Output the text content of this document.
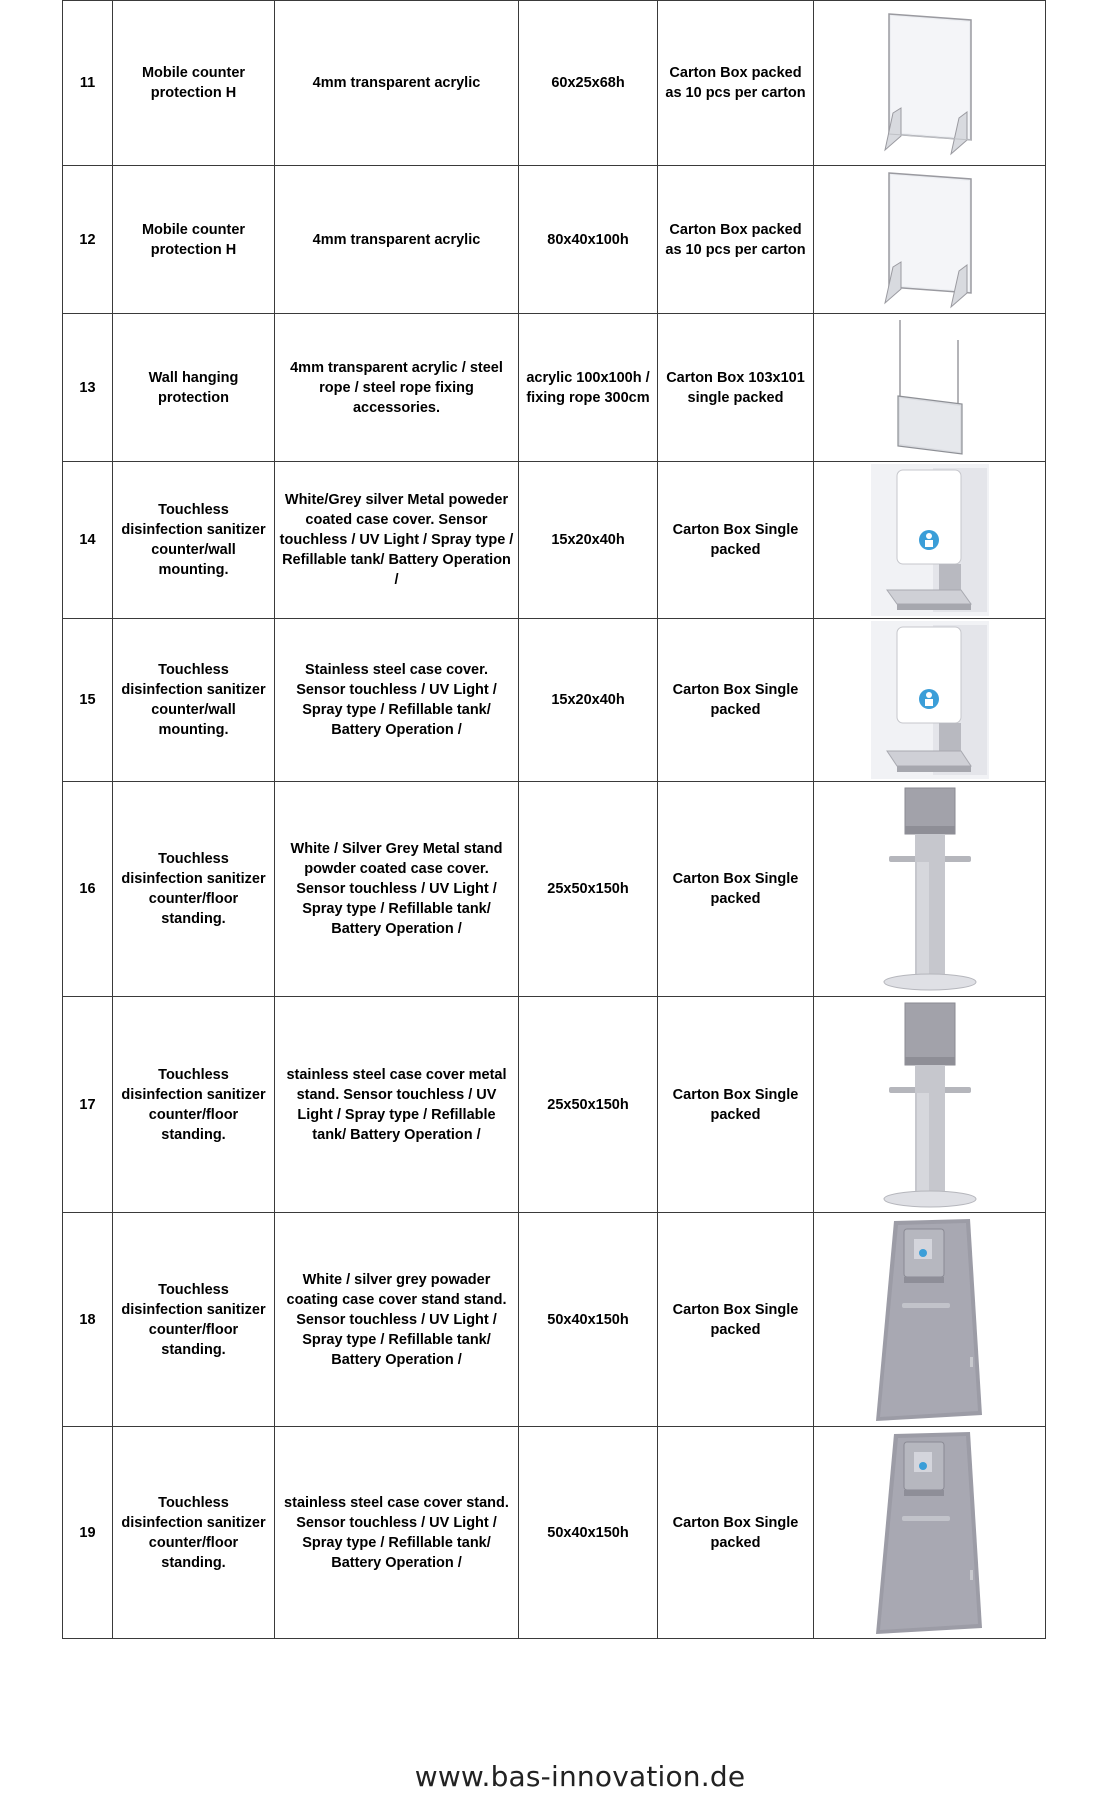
11	Mobile counter protection H	4mm transparent acrylic	60x25x68h	Carton Box packed as 10 pcs per carton	

12	Mobile counter protection H	4mm transparent acrylic	80x40x100h	Carton Box packed as 10 pcs per carton	

13	Wall hanging protection	4mm transparent acrylic / steel rope / steel rope fixing accessories.	acrylic 100x100h / fixing rope 300cm	Carton Box 103x101 single packed	

14	Touchless disinfection sanitizer counter/wall mounting.	White/Grey silver Metal poweder coated case cover. Sensor touchless / UV Light / Spray type / Refillable tank/ Battery Operation /	15x20x40h	Carton Box Single packed	

15	Touchless disinfection sanitizer counter/wall mounting.	Stainless steel case cover. Sensor touchless / UV Light / Spray type / Refillable tank/ Battery Operation /	15x20x40h	Carton Box Single packed	

16	Touchless disinfection sanitizer counter/floor standing.	White / Silver Grey Metal stand powder coated case cover. Sensor touchless / UV Light / Spray type / Refillable tank/ Battery Operation /	25x50x150h	Carton Box Single packed	

17	Touchless disinfection sanitizer counter/floor standing.	stainless steel case cover metal stand. Sensor touchless / UV Light / Spray type / Refillable tank/ Battery Operation /	25x50x150h	Carton Box Single packed	

18	Touchless disinfection sanitizer counter/floor standing.	White / silver grey powader coating case cover stand stand. Sensor touchless / UV Light / Spray type / Refillable tank/ Battery Operation /	50x40x150h	Carton Box Single packed	

19	Touchless disinfection sanitizer counter/floor standing.	stainless steel case cover stand. Sensor touchless / UV Light / Spray type / Refillable tank/ Battery Operation /	50x40x150h	Carton Box Single packed	
www.bas-innovation.de
